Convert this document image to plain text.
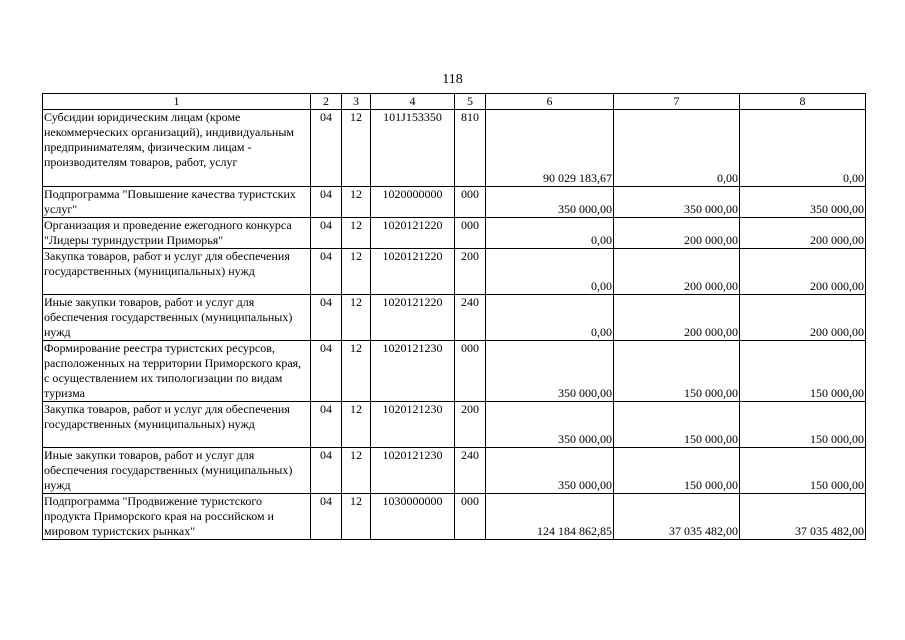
118
1	2	3	4	5	6	7	8
Субсидии юридическим лицам (кроме некоммерческих организаций), индивидуальным предпринимателям, физическим лицам - производителям товаров, работ, услуг	04	12	101J153350	810	90 029 183,67	0,00	0,00
Подпрограмма "Повышение качества туристских услуг"	04	12	1020000000	000	350 000,00	350 000,00	350 000,00
Организация и проведение ежегодного конкурса "Лидеры туриндустрии Приморья"	04	12	1020121220	000	0,00	200 000,00	200 000,00
Закупка товаров, работ и услуг для обеспечения государственных (муниципальных) нужд	04	12	1020121220	200	0,00	200 000,00	200 000,00
Иные закупки товаров, работ и услуг для обеспечения государственных (муниципальных) нужд	04	12	1020121220	240	0,00	200 000,00	200 000,00
Формирование реестра туристских ресурсов, расположенных на территории Приморского края, с осуществлением их типологизации по видам туризма	04	12	1020121230	000	350 000,00	150 000,00	150 000,00
Закупка товаров, работ и услуг для обеспечения государственных (муниципальных) нужд	04	12	1020121230	200	350 000,00	150 000,00	150 000,00
Иные закупки товаров, работ и услуг для обеспечения государственных (муниципальных) нужд	04	12	1020121230	240	350 000,00	150 000,00	150 000,00
Подпрограмма "Продвижение туристского продукта Приморского края на российском и мировом туристских рынках"	04	12	1030000000	000	124 184 862,85	37 035 482,00	37 035 482,00
